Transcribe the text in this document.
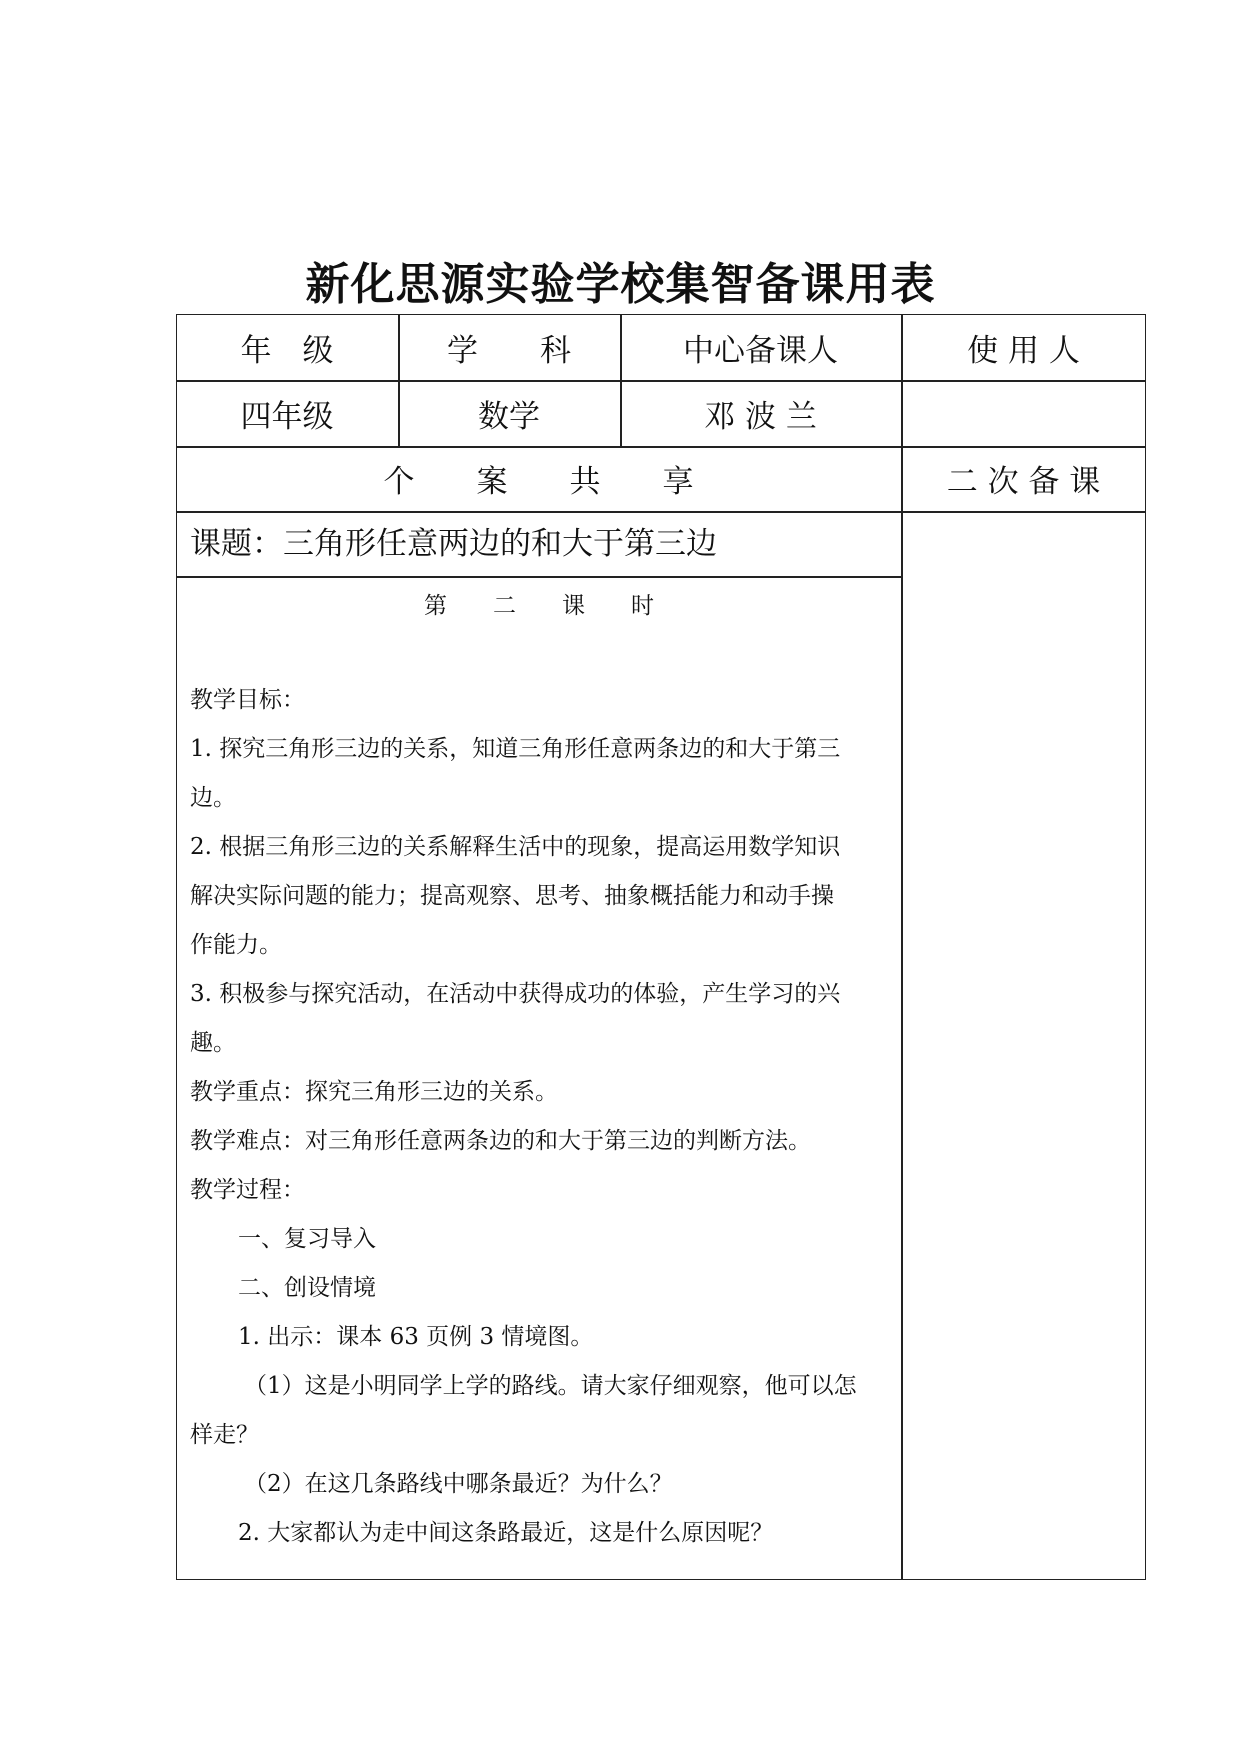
新化思源实验学校集智备课用表
年　级	学　　科	中心备课人	使 用 人
四年级	数学	邓 波 兰
个　　案　　共　　享	二 次 备 课
课题：三角形任意两边的和大于第三边
第　　二　　课　　时
教学目标：
1. 探究三角形三边的关系，知道三角形任意两条边的和大于第三
边。
2. 根据三角形三边的关系解释生活中的现象，提高运用数学知识
解决实际问题的能力；提高观察、思考、抽象概括能力和动手操
作能力。
3. 积极参与探究活动，在活动中获得成功的体验，产生学习的兴
趣。
教学重点：探究三角形三边的关系。
教学难点：对三角形任意两条边的和大于第三边的判断方法。
教学过程：
一、复习导入
二、创设情境
1. 出示：课本 63 页例 3 情境图。
（1）这是小明同学上学的路线。请大家仔细观察，他可以怎
样走？
（2）在这几条路线中哪条最近？为什么？
2. 大家都认为走中间这条路最近，这是什么原因呢？
